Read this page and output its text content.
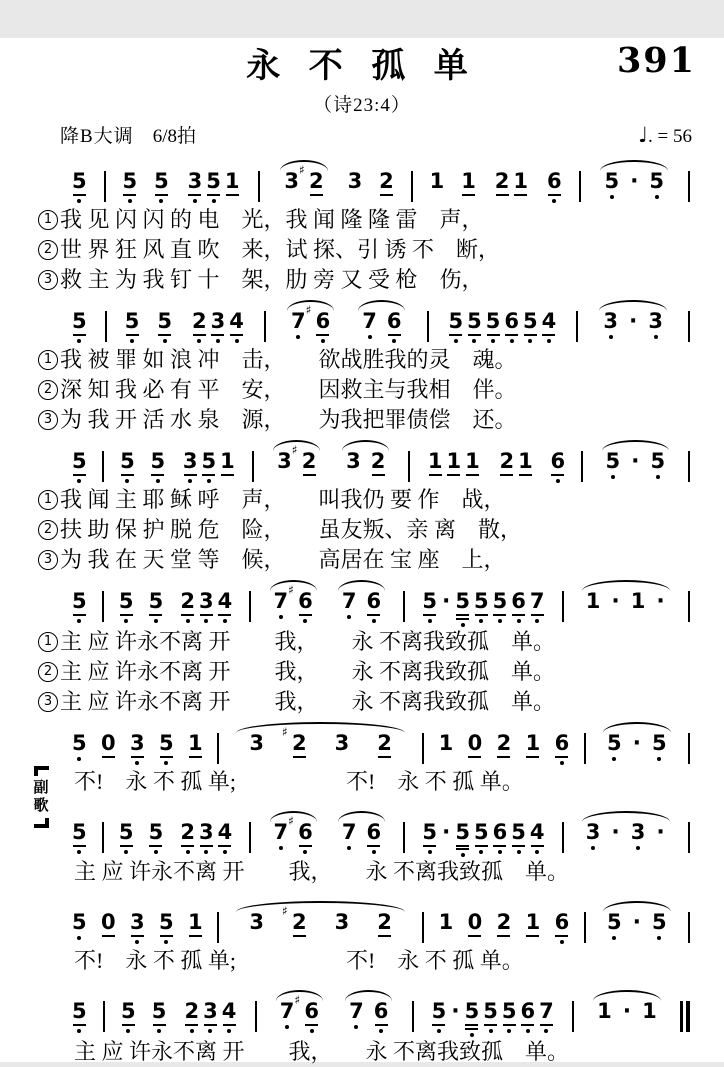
391
永 不 孤 单
（诗23:4）
降B大调 6/8拍	♩. = 56
5 5 5 3 5 1 3 ♯ 2 3 2 1 1 2 1 6 5 · 5
1 我 见 闪 闪 的 电　光，我 闻 隆 隆 雷　声，
2 世 界 狂 风 直 吹　来，试 探、引 诱 不　断，
3 救 主 为 我 钉 十　架，肋 旁 又 受 枪　伤，
5 5 5 2 3 4 7 ♯ 6 7 6 5 5 5 6 5 4 3 · 3
1 我 被 罪 如 浪 冲　击，　　欲战胜我的灵　魂。
2 深 知 我 必 有 平　安，　　因救主与我相　伴。
3 为 我 开 活 水 泉　源，　　为我把罪债偿　还。
5 5 5 3 5 1 3 ♯ 2 3 2 1 1 1 2 1 6 5 · 5
1 我 闻 主 耶 稣 呼　声，　　叫我仍 要 作　战，
2 扶 助 保 护 脱 危　险，　　虽友叛、亲 离　散，
3 为 我 在 天 堂 等　候，　　高居在 宝 座　上，
5 5 5 2 3 4 7 ♯ 6 7 6 5 · 5 5 5 6 7 1 · 1 ·
1 主 应 许永不离 开　　我，　　永 不离我致孤　单。
2 主 应 许永不离 开　　我，　　永 不离我致孤　单。
3 主 应 许永不离 开　　我，　　永 不离我致孤　单。
副
歌
5 0 3 5 1 3 ♯ 2 3 2 1 0 2 1 6 5 · 5
不!　永 不 孤 单;　　　　　不!　永 不 孤 单。
5 5 5 2 3 4 7 ♯ 6 7 6 5 · 5 5 6 5 4 3 · 3 ·
主 应 许永不离 开　　我，　　永 不离我致孤　单。
5 0 3 5 1 3 ♯ 2 3 2 1 0 2 1 6 5 · 5
不!　永 不 孤 单;　　　　　不!　永 不 孤 单。
5 5 5 2 3 4 7 ♯ 6 7 6 5 · 5 5 5 6 7 1 · 1
主 应 许永不离 开　　我，　　永 不离我致孤　单。
